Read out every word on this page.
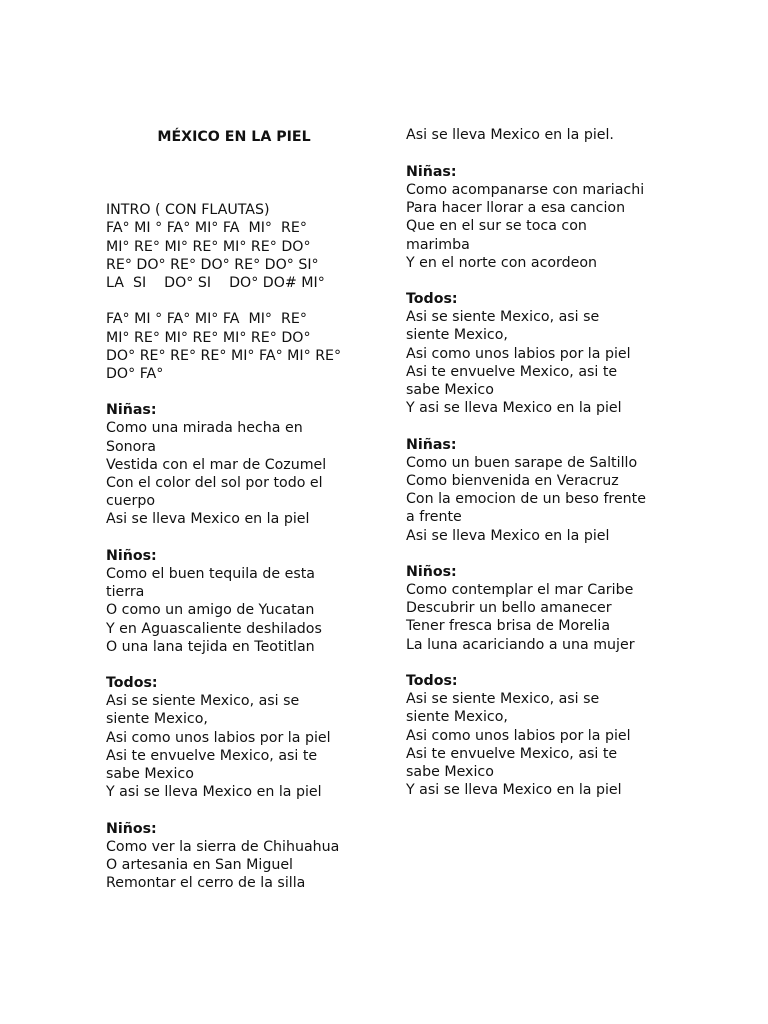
MÉXICO EN LA PIEL

INTRO ( CON FLAUTAS)
FA° MI ° FA° MI° FA  MI°  RE°
MI° RE° MI° RE° MI° RE° DO°
RE° DO° RE° DO° RE° DO° SI°
LA  SI    DO° SI    DO° DO# MI°
FA° MI ° FA° MI° FA  MI°  RE°
MI° RE° MI° RE° MI° RE° DO°
DO° RE° RE° RE° MI° FA° MI° RE°
DO° FA°
Niñas:
Como una mirada hecha en
Sonora
Vestida con el mar de Cozumel
Con el color del sol por todo el
cuerpo
Asi se lleva Mexico en la piel
Niños:
Como el buen tequila de esta
tierra
O como un amigo de Yucatan
Y en Aguascaliente deshilados
O una lana tejida en Teotitlan
Todos:
Asi se siente Mexico, asi se
siente Mexico,
Asi como unos labios por la piel
Asi te envuelve Mexico, asi te
sabe Mexico
Y asi se lleva Mexico en la piel
Niños:
Como ver la sierra de Chihuahua
O artesania en San Miguel
Remontar el cerro de la silla

Asi se lleva Mexico en la piel.
Niñas:
Como acompanarse con mariachi
Para hacer llorar a esa cancion
Que en el sur se toca con
marimba
Y en el norte con acordeon
Todos:
Asi se siente Mexico, asi se
siente Mexico,
Asi como unos labios por la piel
Asi te envuelve Mexico, asi te
sabe Mexico
Y asi se lleva Mexico en la piel
Niñas:
Como un buen sarape de Saltillo
Como bienvenida en Veracruz
Con la emocion de un beso frente
a frente
Asi se lleva Mexico en la piel
Niños:
Como contemplar el mar Caribe
Descubrir un bello amanecer
Tener fresca brisa de Morelia
La luna acariciando a una mujer
Todos:
Asi se siente Mexico, asi se
siente Mexico,
Asi como unos labios por la piel
Asi te envuelve Mexico, asi te
sabe Mexico
Y asi se lleva Mexico en la piel
